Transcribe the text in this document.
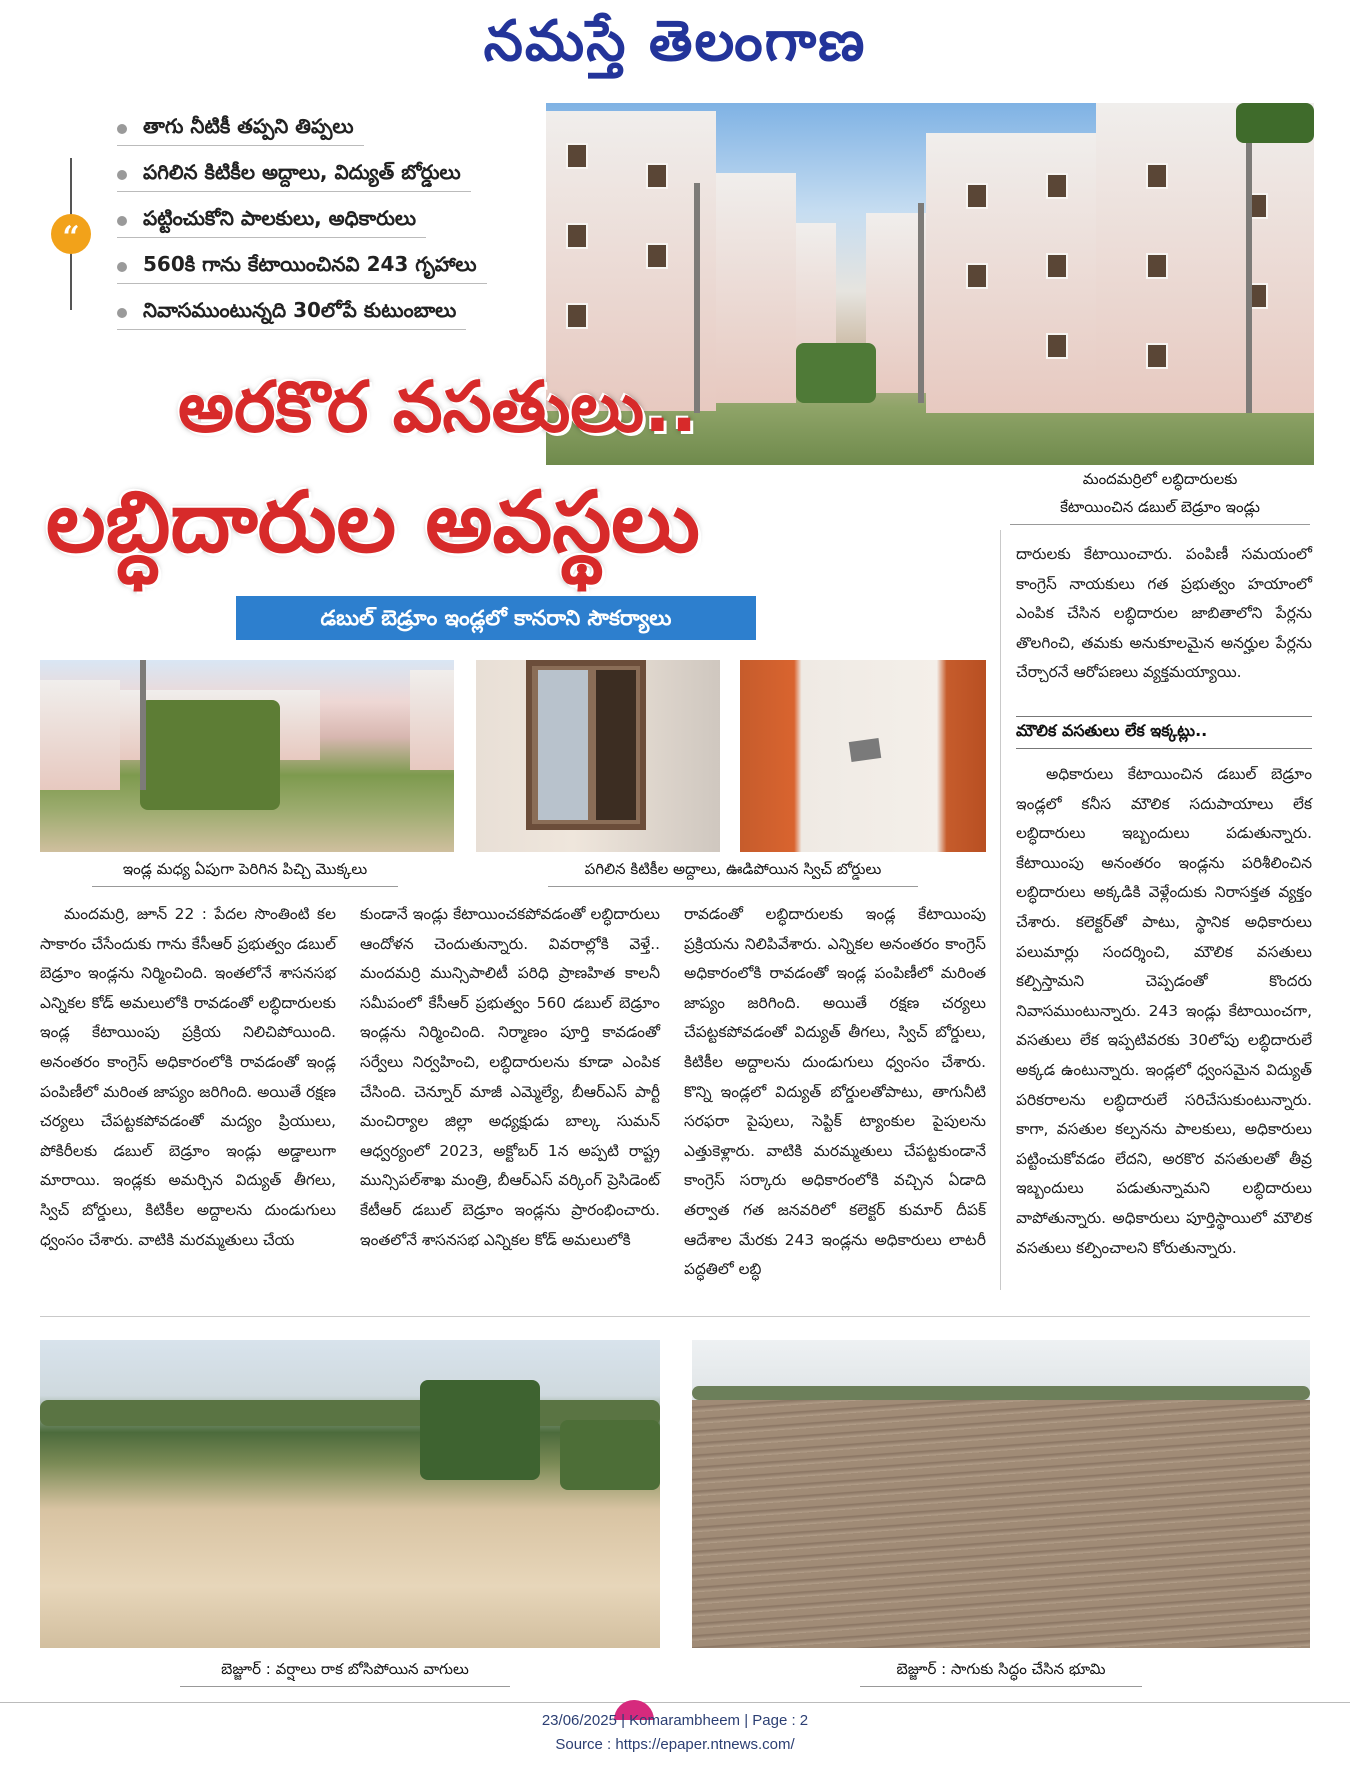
నమస్తే తెలంగాణ
“
తాగు నీటికీ తప్పని తిప్పలు
పగిలిన కిటికీల అద్దాలు, విద్యుత్ బోర్డులు
పట్టించుకోని పాలకులు, అధికారులు
560కి గాను కేటాయించినవి 243 గృహాలు
నివాసముంటున్నది 30లోపే కుటుంబాలు
మందమర్రిలో లబ్ధిదారులకు
కేటాయించిన డబుల్ బెడ్రూం ఇండ్లు
అరకొర వసతులు..
లబ్ధిదారుల అవస్థలు
డబుల్ బెడ్రూం ఇండ్లలో కానరాని సౌకర్యాలు
దారులకు కేటాయించారు. పంపిణీ సమయంలో కాంగ్రెస్ నాయకులు గత ప్రభుత్వం హయాంలో ఎంపిక చేసిన లబ్ధిదారుల జాబితాలోని పేర్లను తొలగించి, తమకు అనుకూలమైన అనర్హుల పేర్లను చేర్చారనే ఆరోపణలు వ్యక్తమయ్యాయి.
మౌలిక వసతులు లేక ఇక్కట్లు..
ఇండ్ల మధ్య ఏపుగా పెరిగిన పిచ్చి మొక్కలు	పగిలిన కిటికీల అద్దాలు, ఊడిపోయిన స్విచ్ బోర్డులు
అధికారులు కేటాయించిన డబుల్ బెడ్రూం ఇండ్లలో కనీస మౌలిక సదుపాయాలు లేక లబ్ధిదారులు ఇబ్బందులు పడుతున్నారు. కేటాయింపు అనంతరం ఇండ్లను పరిశీలించిన లబ్ధిదారులు అక్కడికి వెళ్లేందుకు నిరాసక్తత వ్యక్తం చేశారు. కలెక్టర్‌తో పాటు, స్థానిక అధికారులు పలుమార్లు సందర్శించి, మౌలిక వసతులు కల్పిస్తామని చెప్పడంతో కొందరు నివాసముంటున్నారు. 243 ఇండ్లు కేటాయించగా, వసతులు లేక ఇప్పటివరకు 30లోపు లబ్ధిదారులే అక్కడ ఉంటున్నారు. ఇండ్లలో ధ్వంసమైన విద్యుత్ పరికరాలను లబ్ధిదారులే సరిచేసుకుంటున్నారు. కాగా, వసతుల కల్పనను పాలకులు, అధికారులు పట్టించుకోవడం లేదని, అరకొర వసతులతో తీవ్ర ఇబ్బందులు పడుతున్నామని లబ్ధిదారులు వాపోతున్నారు. అధికారులు పూర్తిస్థాయిలో మౌలిక వసతులు కల్పించాలని కోరుతున్నారు.
మందమర్రి, జూన్ 22 : పేదల సొంతింటి కల సాకారం చేసేందుకు గాను కేసీఆర్ ప్రభుత్వం డబుల్ బెడ్రూం ఇండ్లను నిర్మించింది. ఇంతలోనే శాసనసభ ఎన్నికల కోడ్ అమలులోకి రావడంతో లబ్ధిదారులకు ఇండ్ల కేటాయింపు ప్రక్రియ నిలిచిపోయింది. అనంతరం కాంగ్రెస్ అధికారంలోకి రావడంతో ఇండ్ల పంపిణీలో మరింత జాప్యం జరిగింది. అయితే రక్షణ చర్యలు చేపట్టకపోవడంతో మద్యం ప్రియులు, పోకిరీలకు డబుల్ బెడ్రూం ఇండ్లు అడ్డాలుగా మారాయి. ఇండ్లకు అమర్చిన విద్యుత్ తీగలు, స్విచ్ బోర్డులు, కిటికీల అద్దాలను దుండుగులు ధ్వంసం చేశారు. వాటికి మరమ్మతులు చేయ
కుండానే ఇండ్లు కేటాయించకపోవడంతో లబ్ధిదారులు ఆందోళన చెందుతున్నారు. వివరాల్లోకి వెళ్తే.. మందమర్రి మున్సిపాలిటీ పరిధి ప్రాణహిత కాలనీ సమీపంలో కేసీఆర్ ప్రభుత్వం 560 డబుల్ బెడ్రూం ఇండ్లను నిర్మించింది. నిర్మాణం పూర్తి కావడంతో సర్వేలు నిర్వహించి, లబ్ధిదారులను కూడా ఎంపిక చేసింది. చెన్నూర్ మాజీ ఎమ్మెల్యే, బీఆర్ఎస్ పార్టీ మంచిర్యాల జిల్లా అధ్యక్షుడు బాల్క సుమన్ ఆధ్వర్యంలో 2023, అక్టోబర్ 1న అప్పటి రాష్ట్ర మున్సిపల్‌శాఖ మంత్రి, బీఆర్ఎస్ వర్కింగ్ ప్రెసిడెంట్ కేటీఆర్ డబుల్ బెడ్రూం ఇండ్లను ప్రారంభించారు. ఇంతలోనే శాసనసభ ఎన్నికల కోడ్ అమలులోకి
రావడంతో లబ్ధిదారులకు ఇండ్ల కేటాయింపు ప్రక్రియను నిలిపివేశారు. ఎన్నికల అనంతరం కాంగ్రెస్ అధికారంలోకి రావడంతో ఇండ్ల పంపిణీలో మరింత జాప్యం జరిగింది. అయితే రక్షణ చర్యలు చేపట్టకపోవడంతో విద్యుత్ తీగలు, స్విచ్ బోర్డులు, కిటికీల అద్దాలను దుండుగులు ధ్వంసం చేశారు. కొన్ని ఇండ్లలో విద్యుత్ బోర్డులతోపాటు, తాగునీటి సరఫరా పైపులు, సెప్టిక్ ట్యాంకుల పైపులను ఎత్తుకెళ్లారు. వాటికి మరమ్మతులు చేపట్టకుండానే కాంగ్రెస్ సర్కారు అధికారంలోకి వచ్చిన ఏడాది తర్వాత గత జనవరిలో కలెక్టర్ కుమార్ దీపక్ ఆదేశాల మేరకు 243 ఇండ్లను అధికారులు లాటరీ పద్ధతిలో లబ్ధి
బెజ్జూర్ : వర్షాలు రాక బోసిపోయిన వాగులు	బెజ్జూర్ : సాగుకు సిద్ధం చేసిన భూమి
23/06/2025 | Komarambheem | Page : 2
Source : https://epaper.ntnews.com/
